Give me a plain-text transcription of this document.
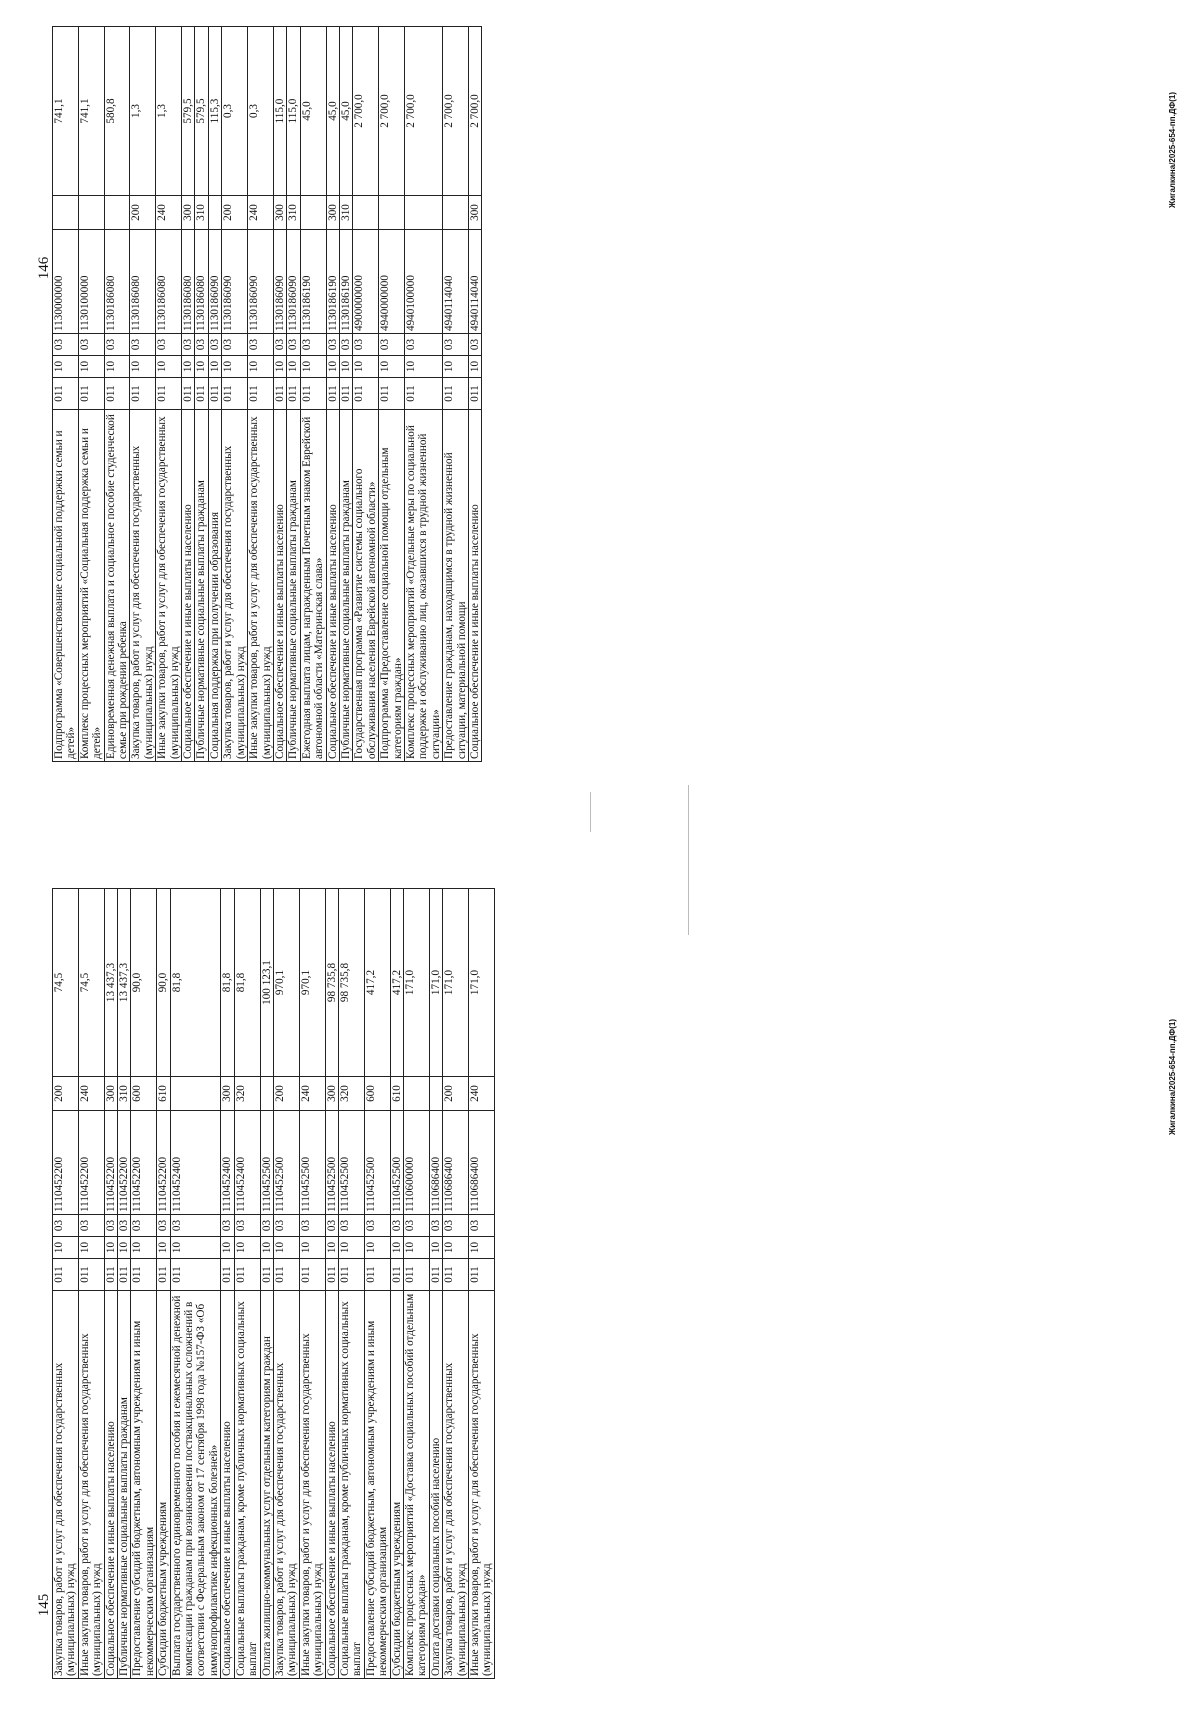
145 Закупка товаров, работ и услуг для обеспечения государственных (муниципальных) нужд	011	10	03	1110452200	200	74,5
Иные закупки товаров, работ и услуг для обеспечения государственных (муниципальных) нужд	011	10	03	1110452200	240	74,5
Социальное обеспечение и иные выплаты населению	011	10	03	1110452200	300	13 437,3
Публичные нормативные социальные выплаты гражданам	011	10	03	1110452200	310	13 437,3
Предоставление субсидий бюджетным, автономным учреждениям и иным некоммерческим организациям	011	10	03	1110452200	600	90,0
Субсидии бюджетным учреждениям	011	10	03	1110452200	610	90,0
Выплата государственного единовременного пособия и ежемесячной денежной компенсации гражданам при возникновении поствакцинальных осложнений в соответствии с Федеральным законом от 17 сентября 1998 года №157-ФЗ «Об иммунопрофилактике инфекционных болезней»	011	10	03	1110452400		81,8
Социальное обеспечение и иные выплаты населению	011	10	03	1110452400	300	81,8
Социальные выплаты гражданам, кроме публичных нормативных социальных выплат	011	10	03	1110452400	320	81,8
Оплата жилищно-коммунальных услуг отдельным категориям граждан	011	10	03	1110452500		100 123,1
Закупка товаров, работ и услуг для обеспечения государственных (муниципальных) нужд	011	10	03	1110452500	200	970,1
Иные закупки товаров, работ и услуг для обеспечения государственных (муниципальных) нужд	011	10	03	1110452500	240	970,1
Социальное обеспечение и иные выплаты населению	011	10	03	1110452500	300	98 735,8
Социальные выплаты гражданам, кроме публичных нормативных социальных выплат	011	10	03	1110452500	320	98 735,8
Предоставление субсидий бюджетным, автономным учреждениям и иным некоммерческим организациям	011	10	03	1110452500	600	417,2
Субсидии бюджетным учреждениям	011	10	03	1110452500	610	417,2
Комплекс процессных мероприятий «Доставка социальных пособий отдельным категориям граждан»	011	10	03	1110600000		171,0
Оплата доставки социальных пособий населению	011	10	03	1110686400		171,0
Закупка товаров, работ и услуг для обеспечения государственных (муниципальных) нужд	011	10	03	1110686400	200	171,0
Иные закупки товаров, работ и услуг для обеспечения государственных (муниципальных) нужд	011	10	03	1110686400	240	171,0
Жигалкина/2025-654-пп.ДФ(1)
146
Подпрограмма «Совершенствование социальной поддержки семьи и детей»	011	10	03	1130000000		741,1
Комплекс процессных мероприятий «Социальная поддержка семьи и детей»	011	10	03	1130100000		741,1
Единовременная денежная выплата и социальное пособие студенческой семье при рождении ребенка	011	10	03	1130186080		580,8
Закупка товаров, работ и услуг для обеспечения государственных (муниципальных) нужд	011	10	03	1130186080	200	1,3
Иные закупки товаров, работ и услуг для обеспечения государственных (муниципальных) нужд	011	10	03	1130186080	240	1,3
Социальное обеспечение и иные выплаты населению	011	10	03	1130186080	300	579,5
Публичные нормативные социальные выплаты гражданам	011	10	03	1130186080	310	579,5
Социальная поддержка при получении образования	011	10	03	1130186090		115,3
Закупка товаров, работ и услуг для обеспечения государственных (муниципальных) нужд	011	10	03	1130186090	200	0,3
Иные закупки товаров, работ и услуг для обеспечения государственных (муниципальных) нужд	011	10	03	1130186090	240	0,3
Социальное обеспечение и иные выплаты населению	011	10	03	1130186090	300	115,0
Публичные нормативные социальные выплаты гражданам	011	10	03	1130186090	310	115,0
Ежегодная выплата лицам, награжденным Почетным знаком Еврейской автономной области «Материнская слава»	011	10	03	1130186190		45,0
Социальное обеспечение и иные выплаты населению	011	10	03	1130186190	300	45,0
Публичные нормативные социальные выплаты гражданам	011	10	03	1130186190	310	45,0
Государственная программа «Развитие системы социального обслуживания населения Еврейской автономной области»	011	10	03	4900000000		2 700,0
Подпрограмма «Предоставление социальной помощи отдельным категориям граждан»	011	10	03	4940000000		2 700,0
Комплекс процессных мероприятий «Отдельные меры по социальной поддержке и обслуживанию лиц, оказавшихся в трудной жизненной ситуации»	011	10	03	4940100000		2 700,0
Предоставление гражданам, находящимся в трудной жизненной ситуации, материальной помощи	011	10	03	4940114040		2 700,0
Социальное обеспечение и иные выплаты населению	011	10	03	4940114040	300	2 700,0	Жигалкина/2025-654-пп.ДФ(1)
